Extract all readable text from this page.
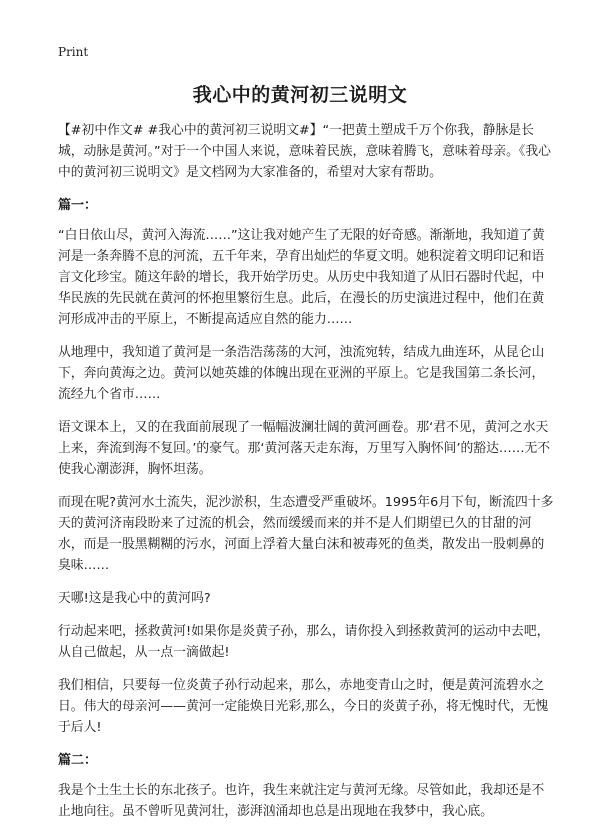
Print
我心中的黄河初三说明文

【#初中作文# #我心中的黄河初三说明文#】“一把黄土塑成千万个你我，静脉是长城，动脉是黄河。”对于一个中国人来说，意味着民族，意味着腾飞，意味着母亲。《我心中的黄河初三说明文》是文档网为大家准备的，希望对大家有帮助。

篇一：

“白日依山尽，黄河入海流……”这让我对她产生了无限的好奇感。渐渐地，我知道了黄河是一条奔腾不息的河流，五千年来，孕育出灿烂的华夏文明。她积淀着文明印记和语言文化珍宝。随这年龄的增长，我开始学历史。从历史中我知道了从旧石器时代起，中华民族的先民就在黄河的怀抱里繁衍生息。此后，在漫长的历史演进过程中，他们在黄河形成冲击的平原上，不断提高适应自然的能力……

从地理中，我知道了黄河是一条浩浩荡荡的大河，浊流宛转，结成九曲连环，从昆仑山下，奔向黄海之边。黄河以她英雄的体魄出现在亚洲的平原上。它是我国第二条长河，流经九个省市……

语文课本上，又的在我面前展现了一幅幅波澜壮阔的黄河画卷。那‘君不见，黄河之水天上来，奔流到海不复回。’的豪气。那‘黄河落天走东海，万里写入胸怀间’的豁达……无不使我心潮澎湃，胸怀坦荡。

而现在呢?黄河水土流失，泥沙淤积，生态遭受严重破坏。1995年6月下旬，断流四十多天的黄河济南段盼来了过流的机会，然而缓缓而来的并不是人们期望已久的甘甜的河水，而是一股黑糊糊的污水，河面上浮着大量白沫和被毒死的鱼类，散发出一股刺鼻的臭味……

天哪!这是我心中的黄河吗?

行动起来吧，拯救黄河!如果你是炎黄子孙，那么，请你投入到拯救黄河的运动中去吧，从自己做起，从一点一滴做起!

我们相信，只要每一位炎黄子孙行动起来，那么，赤地变青山之时，便是黄河流碧水之日。伟大的母亲河——黄河一定能焕日光彩,那么，今日的炎黄子孙，将无愧时代，无愧于后人!

篇二：

我是个土生土长的东北孩子。也许，我生来就注定与黄河无缘。尽管如此，我却还是不止地向往。虽不曾听见黄河壮，澎湃汹涌却也总是出现地在我梦中，我心底。
